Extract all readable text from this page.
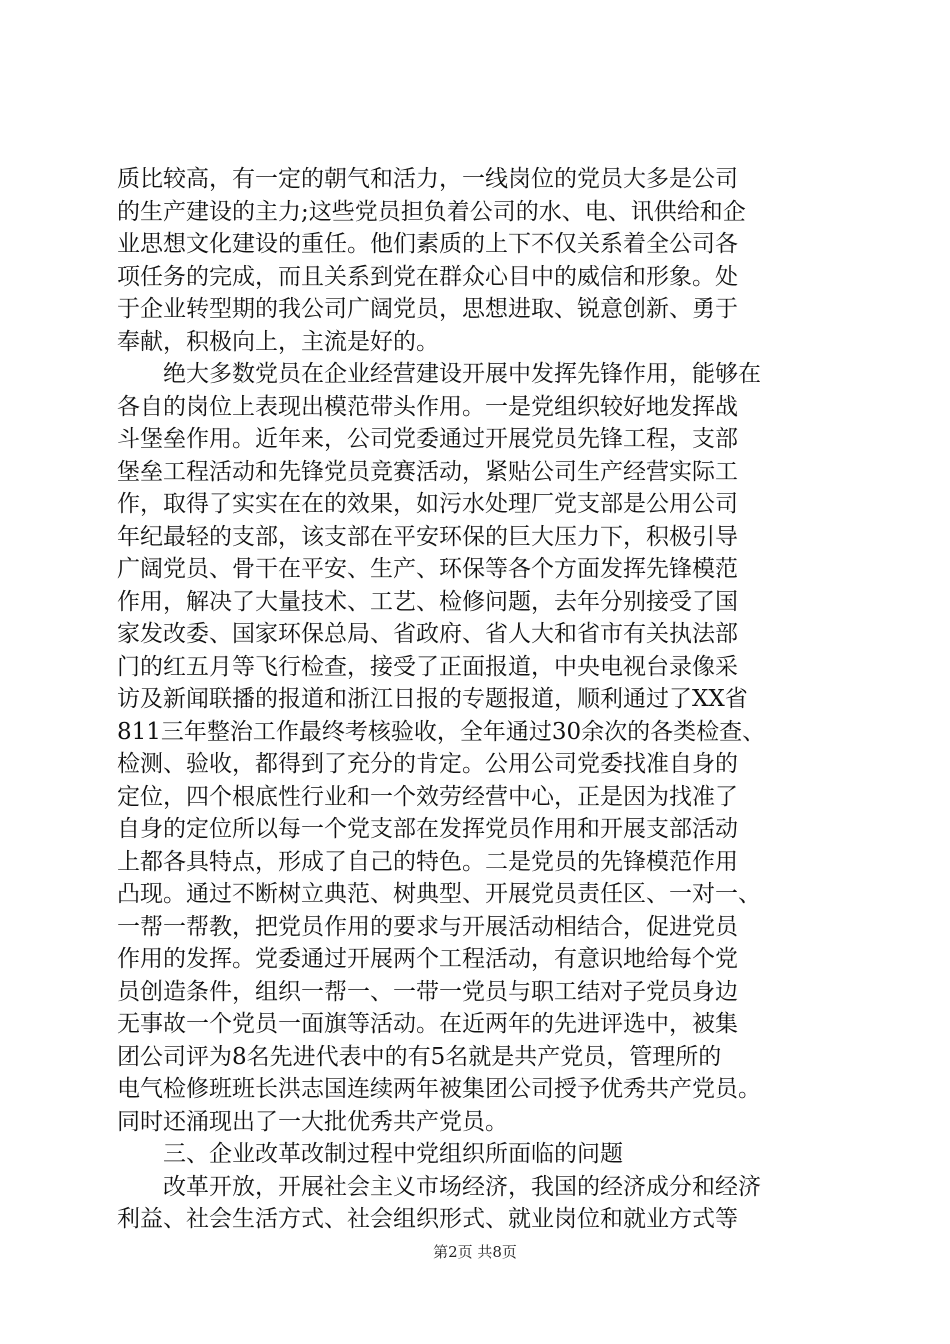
质比较高，有一定的朝气和活力，一线岗位的党员大多是公司
的生产建设的主力;这些党员担负着公司的水、电、讯供给和企
业思想文化建设的重任。他们素质的上下不仅关系着全公司各
项任务的完成，而且关系到党在群众心目中的威信和形象。处
于企业转型期的我公司广阔党员，思想进取、锐意创新、勇于
奉献，积极向上，主流是好的。
　　绝大多数党员在企业经营建设开展中发挥先锋作用，能够在
各自的岗位上表现出模范带头作用。一是党组织较好地发挥战
斗堡垒作用。近年来，公司党委通过开展党员先锋工程，支部
堡垒工程活动和先锋党员竞赛活动，紧贴公司生产经营实际工
作，取得了实实在在的效果，如污水处理厂党支部是公用公司
年纪最轻的支部，该支部在平安环保的巨大压力下，积极引导
广阔党员、骨干在平安、生产、环保等各个方面发挥先锋模范
作用，解决了大量技术、工艺、检修问题，去年分别接受了国
家发改委、国家环保总局、省政府、省人大和省市有关执法部
门的红五月等飞行检查，接受了正面报道，中央电视台录像采
访及新闻联播的报道和浙江日报的专题报道，顺利通过了XX省
811三年整治工作最终考核验收，全年通过30余次的各类检查、
检测、验收，都得到了充分的肯定。公用公司党委找准自身的
定位，四个根底性行业和一个效劳经营中心，正是因为找准了
自身的定位所以每一个党支部在发挥党员作用和开展支部活动
上都各具特点，形成了自己的特色。二是党员的先锋模范作用
凸现。通过不断树立典范、树典型、开展党员责任区、一对一、
一帮一帮教，把党员作用的要求与开展活动相结合，促进党员
作用的发挥。党委通过开展两个工程活动，有意识地给每个党
员创造条件，组织一帮一、一带一党员与职工结对子党员身边
无事故一个党员一面旗等活动。在近两年的先进评选中，被集
团公司评为8名先进代表中的有5名就是共产党员，管理所的
电气检修班班长洪志国连续两年被集团公司授予优秀共产党员。
同时还涌现出了一大批优秀共产党员。
　　三、企业改革改制过程中党组织所面临的问题
　　改革开放，开展社会主义市场经济，我国的经济成分和经济
利益、社会生活方式、社会组织形式、就业岗位和就业方式等
第2页 共8页
